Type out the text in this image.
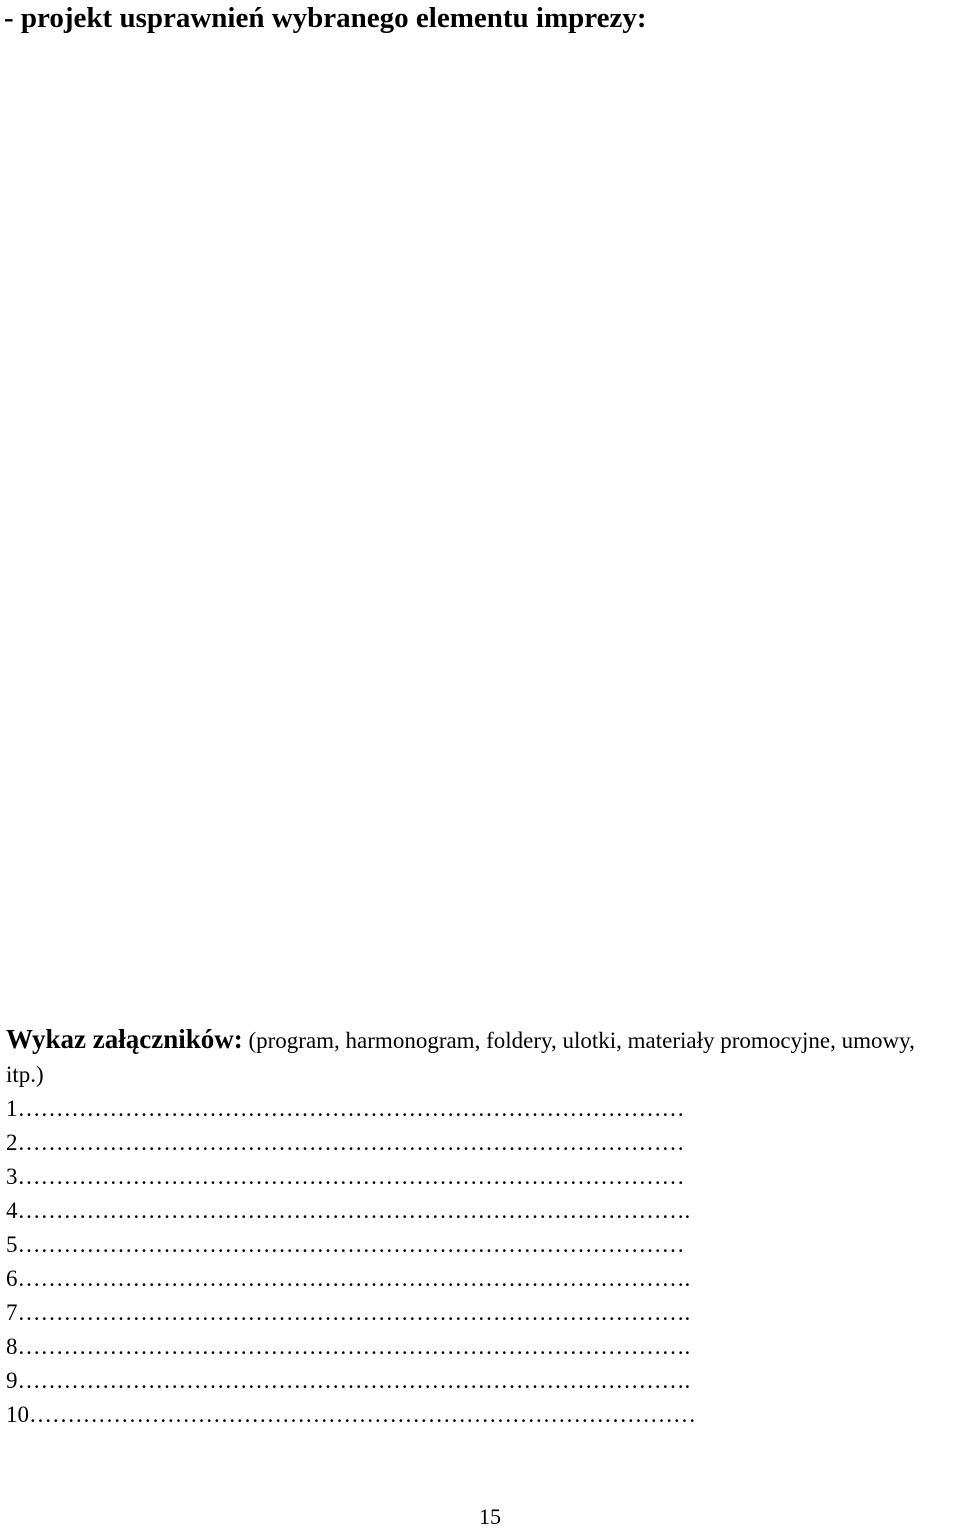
- projekt usprawnień wybranego elementu imprezy:

Wykaz załączników: (program, harmonogram, foldery, ulotki, materiały promocyjne, umowy, itp.)

1……………………………………………………………………………
2……………………………………………………………………………
3……………………………………………………………………………
4…………………………………………………………………………….
5……………………………………………………………………………
6…………………………………………………………………………….
7…………………………………………………………………………….
8…………………………………………………………………………….
9…………………………………………………………………………….
10……………………………………………………………………………
15
